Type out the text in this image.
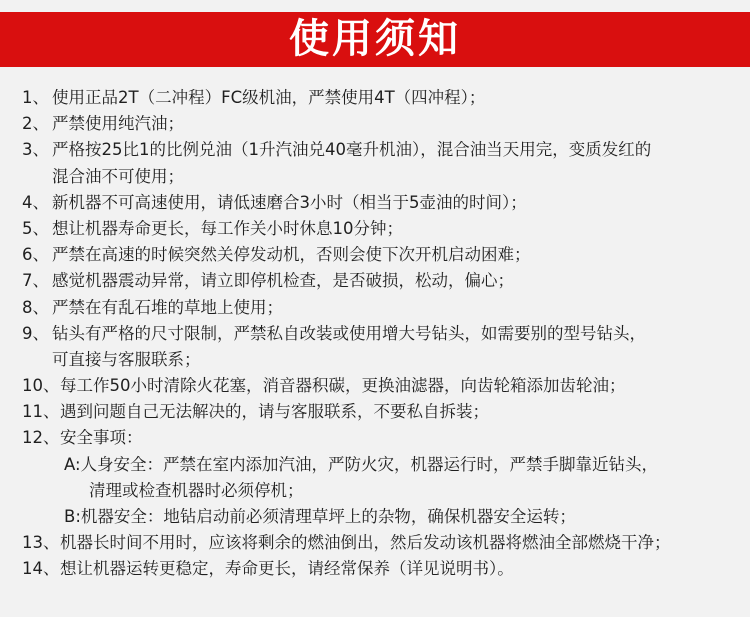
使用须知
1、 使用正品2T（二冲程）FC级机油，严禁使用4T（四冲程）；
2、 严禁使用纯汽油；
3、 严格按25比1的比例兑油（1升汽油兑40毫升机油），混合油当天用完，变质发红的
混合油不可使用；
4、 新机器不可高速使用，请低速磨合3小时（相当于5壶油的时间）；
5、 想让机器寿命更长，每工作关小时休息10分钟；
6、 严禁在高速的时候突然关停发动机，否则会使下次开机启动困难；
7、 感觉机器震动异常，请立即停机检查，是否破损，松动，偏心；
8、 严禁在有乱石堆的草地上使用；
9、 钻头有严格的尺寸限制，严禁私自改装或使用增大号钻头，如需要别的型号钻头，
可直接与客服联系；
10、 每工作50小时清除火花塞，消音器积碳，更换油滤器，向齿轮箱添加齿轮油；
11、 遇到问题自己无法解决的，请与客服联系，不要私自拆装；
12、 安全事项：
A:人身安全：严禁在室内添加汽油，严防火灾，机器运行时，严禁手脚靠近钻头，
清理或检查机器时必须停机；
B:机器安全：地钻启动前必须清理草坪上的杂物，确保机器安全运转；
13、 机器长时间不用时，应该将剩余的燃油倒出，然后发动该机器将燃油全部燃烧干净；
14、 想让机器运转更稳定，寿命更长，请经常保养（详见说明书）。
